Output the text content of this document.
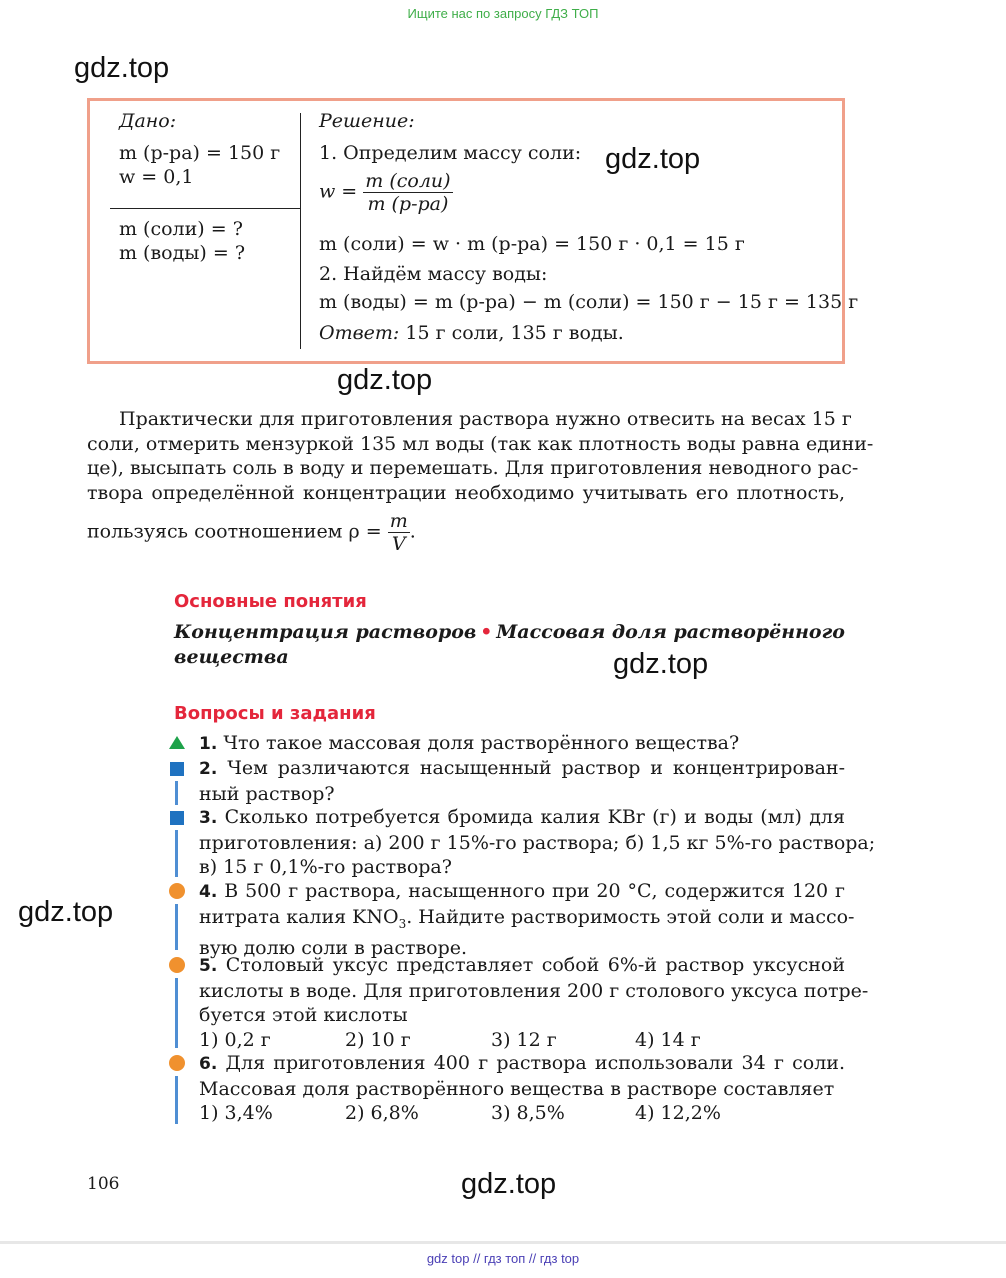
Ищите нас по запросу ГДЗ ТОП
gdz.top
gdz.top
gdz.top
gdz.top
gdz.top
gdz.top
Дано:
m (р-ра) = 150 г
w = 0,1
m (соли) = ?
m (воды) = ?
Решение:
1. Определим массу соли:
$w = \frac{\text{m (соли)}}{m (р-ра)}$
m (соли) = w · m (р-ра) = 150 г · 0,1 = 15 г
2. Найдём массу воды:
m (воды) = m (р-ра) − m (соли) = 150 г − 15 г = 135 г
Ответ: 15 г соли, 135 г воды.
Практически для приготовления раствора нужно отвесить на весах 15 г
соли, отмерить мензуркой 135 мл воды (так как плотность воды равна едини-
це), высыпать соль в воду и перемешать. Для приготовления неводного рас-
твора определённой концентрации необходимо учитывать его плотность,
пользуясь соотношением $\rho = \frac{m}{V}$ .
Основные понятия
Концентрация растворов • Массовая доля растворённого
вещества
Вопросы и задания
1. Что такое массовая доля растворённого вещества?
2. Чем различаются насыщенный раствор и концентрирован-
ный раствор?
3. Сколько потребуется бромида калия KBr (г) и воды (мл) для
приготовления: а) 200 г 15%-го раствора; б) 1,5 кг 5%-го раствора;
в) 15 г 0,1%-го раствора?
4. В 500 г раствора, насыщенного при 20 °С, содержится 120 г
нитрата калия $KNO_3$. Найдите растворимость этой соли и массо-
вую долю соли в растворе.
5. Столовый уксус представляет собой 6%-й раствор уксусной
кислоты в воде. Для приготовления 200 г столового уксуса потре-
буется этой кислоты
1) 0,2 г	2) 10 г	3) 12 г	4) 14 г
6. Для приготовления 400 г раствора использовали 34 г соли.
Массовая доля растворённого вещества в растворе составляет
1) 3,4%	2) 6,8%	3) 8,5%	4) 12,2%
106
gdz top // гдз топ // гдз top
